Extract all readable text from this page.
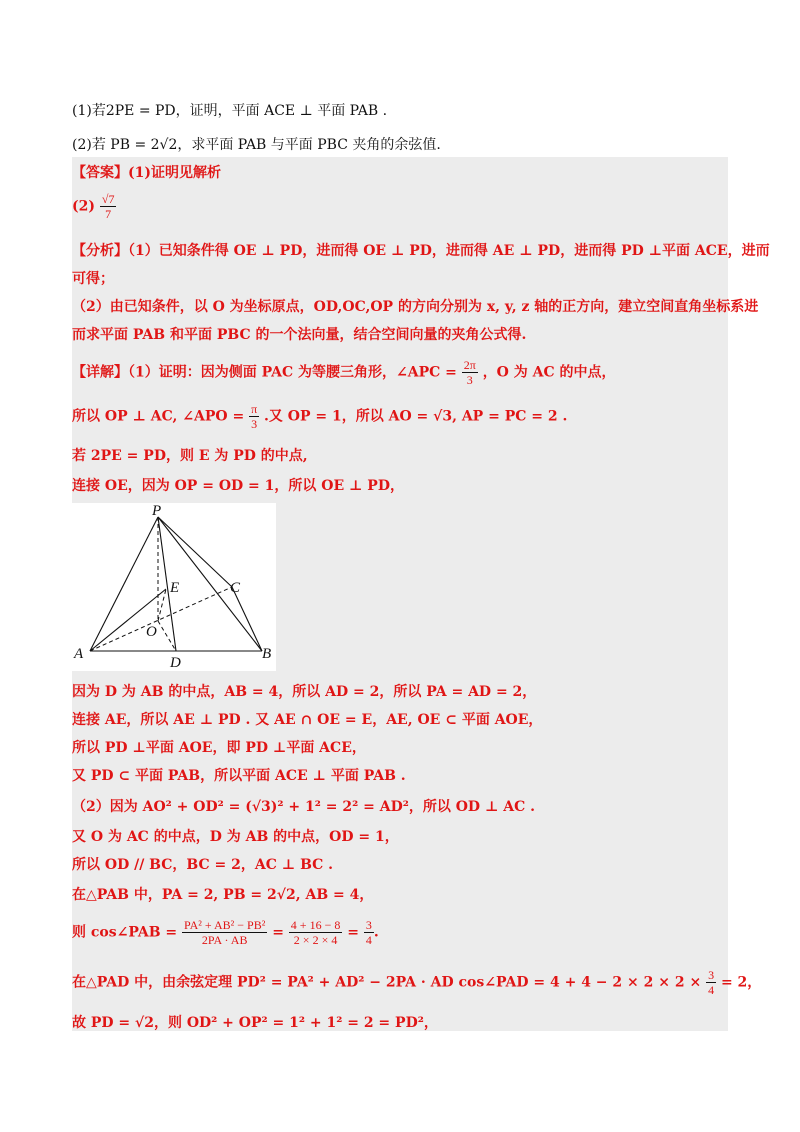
(1)若2PE = PD，证明，平面 ACE ⊥ 平面 PAB .
(2)若 PB = 2√2，求平面 PAB 与平面 PBC 夹角的余弦值.
【答案】(1)证明见解析
$(2) \frac{√7}{7}$
【分析】（1）已知条件得 OE ⊥ PD，进而得 OE ⊥ PD，进而得 AE ⊥ PD，进而得 PD ⊥平面 ACE，进而
可得；
（2）由已知条件，以 O 为坐标原点，OD,OC,OP 的方向分别为 x, y, z 轴的正方向，建立空间直角坐标系进
而求平面 PAB 和平面 PBC 的一个法向量，结合空间向量的夹角公式得.
【详解】（1）证明：因为侧面 PAC 为等腰三角形，∠APC = $\frac{2\pi}{3}$ ，O 为 AC 的中点，
所以 OP ⊥ AC, ∠APO = $\frac{\pi}{3}$ .又 OP = 1，所以 AO = √3, AP = PC = 2 .
若 2PE = PD，则 E 为 PD 的中点,
连接 OE，因为 OP = OD = 1，所以 OE ⊥ PD，
P
E	C
O
A
D
B
因为 D 为 AB 的中点，AB = 4，所以 AD = 2，所以 PA = AD = 2，
连接 AE，所以 AE ⊥ PD . 又 AE ∩ OE = E，AE, OE ⊂ 平面 AOE，
所以 PD ⊥平面 AOE，即 PD ⊥平面 ACE，
又 PD ⊂ 平面 PAB，所以平面 ACE ⊥ 平面 PAB .
（2）因为 AO² + OD² = (√3)² + 1² = 2² = AD²，所以 OD ⊥ AC .
又 O 为 AC 的中点，D 为 AB 的中点，OD = 1，
所以 OD // BC，BC = 2，AC ⊥ BC .
在△PAB 中，PA = 2, PB = 2√2, AB = 4，
则 cos∠PAB = $\frac{\text{PA² + AB² − PB²}}{2PA \cdot AB} = \frac{4 + 16 - 8}{2 \times 2 \times 4} = \frac{3}{4}$ .
在△PAD 中，由余弦定理 PD² = PA² + AD² − 2PA · AD cos∠PAD = $4 + 4 - 2 \times 2 \times 2 \times \frac{3}{4} = 2$，
故 PD = √2，则 OD² + OP² = 1² + 1² = 2 = PD²，
